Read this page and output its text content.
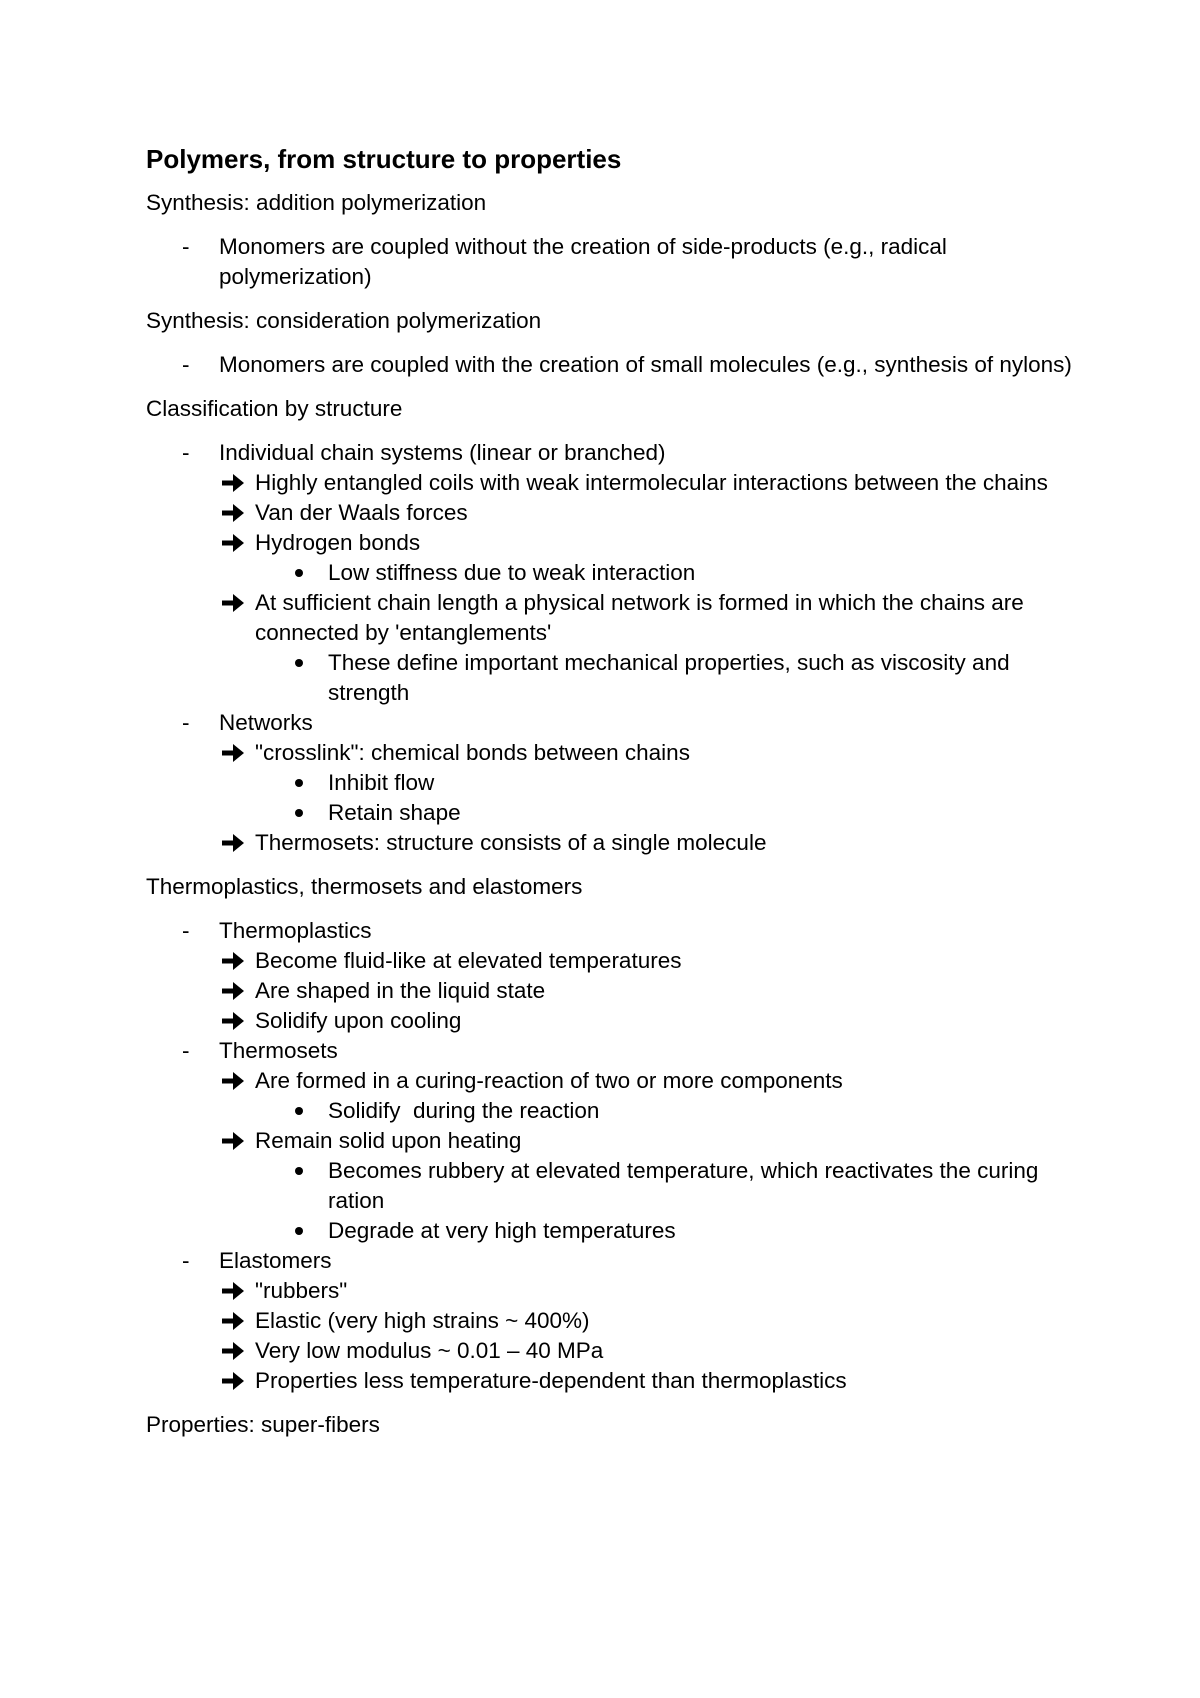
Polymers, from structure to properties
Synthesis: addition polymerization
- Monomers are coupled without the creation of side-products (e.g., radical polymerization)
Synthesis: consideration polymerization
- Monomers are coupled with the creation of small molecules (e.g., synthesis of nylons)
Classification by structure
- Individual chain systems (linear or branched)
Highly entangled coils with weak intermolecular interactions between the chains
Van der Waals forces
Hydrogen bonds
Low stiffness due to weak interaction
At sufficient chain length a physical network is formed in which the chains are connected by 'entanglements'
These define important mechanical properties, such as viscosity and strength
- Networks
"crosslink": chemical bonds between chains
Inhibit flow
Retain shape
Thermosets: structure consists of a single molecule
Thermoplastics, thermosets and elastomers
- Thermoplastics
Become fluid-like at elevated temperatures
Are shaped in the liquid state
Solidify upon cooling
- Thermosets
Are formed in a curing-reaction of two or more components
Solidify  during the reaction
Remain solid upon heating
Becomes rubbery at elevated temperature, which reactivates the curing ration
Degrade at very high temperatures
- Elastomers
"rubbers"
Elastic (very high strains ~ 400%)
Very low modulus ~ 0.01 – 40 MPa
Properties less temperature-dependent than thermoplastics
Properties: super-fibers
